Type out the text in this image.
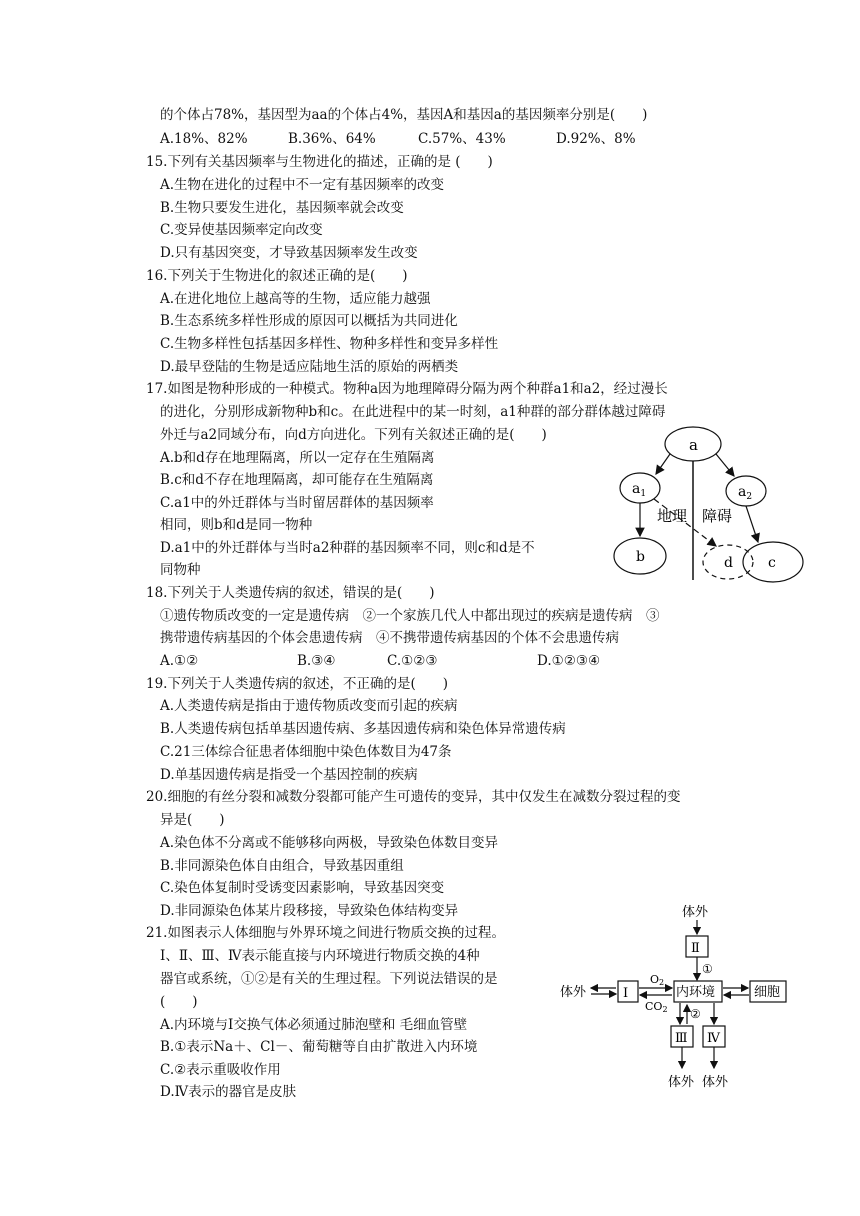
的个体占78%，基因型为aa的个体占4%，基因A和基因a的基因频率分别是(　　)
A.18%、82%	B.36%、64%	C.57%、43%	D.92%、8%
15.下列有关基因频率与生物进化的描述，正确的是 (　　)
A.生物在进化的过程中不一定有基因频率的改变
B.生物只要发生进化，基因频率就会改变
C.变异使基因频率定向改变
D.只有基因突变，才导致基因频率发生改变
16.下列关于生物进化的叙述正确的是(　　)
A.在进化地位上越高等的生物，适应能力越强
B.生态系统多样性形成的原因可以概括为共同进化
C.生物多样性包括基因多样性、物种多样性和变异多样性
D.最早登陆的生物是适应陆地生活的原始的两栖类
17.如图是物种形成的一种模式。物种a因为地理障碍分隔为两个种群a1和a2，经过漫长
的进化，分别形成新物种b和c。在此进程中的某一时刻，a1种群的部分群体越过障碍
外迁与a2同域分布，向d方向进化。下列有关叙述正确的是(　　)
A.b和d存在地理隔离，所以一定存在生殖隔离
B.c和d不存在地理隔离，却可能存在生殖隔离
C.a1中的外迁群体与当时留居群体的基因频率
相同，则b和d是同一物种
D.a1中的外迁群体与当时a2种群的基因频率不同，则c和d是不
同物种
a
$a_1$	$a_2$
地理　障碍
b	c
d
18.下列关于人类遗传病的叙述，错误的是(　　)
①遗传物质改变的一定是遗传病　②一个家族几代人中都出现过的疾病是遗传病　③
携带遗传病基因的个体会患遗传病　④不携带遗传病基因的个体不会患遗传病
A.①②	B.③④	C.①②③	D.①②③④
19.下列关于人类遗传病的叙述，不正确的是(　　)
A.人类遗传病是指由于遗传物质改变而引起的疾病
B.人类遗传病包括单基因遗传病、多基因遗传病和染色体异常遗传病
C.21三体综合征患者体细胞中染色体数目为47条
D.单基因遗传病是指受一个基因控制的疾病
20.细胞的有丝分裂和减数分裂都可能产生可遗传的变异，其中仅发生在减数分裂过程的变
异是(　　)
A.染色体不分离或不能够移向两极，导致染色体数目变异
B.非同源染色体自由组合，导致基因重组
C.染色体复制时受诱变因素影响，导致基因突变
D.非同源染色体某片段移接，导致染色体结构变异
21.如图表示人体细胞与外界环境之间进行物质交换的过程。
Ⅰ、Ⅱ、Ⅲ、Ⅳ表示能直接与内环境进行物质交换的4种
器官或系统，①②是有关的生理过程。下列说法错误的是
(　　)
A.内环境与Ⅰ交换气体必须通过肺泡壁和 毛细血管壁
B.①表示Na＋、Cl－、葡萄糖等自由扩散进入内环境
C.②表示重吸收作用
D.Ⅳ表示的器官是皮肤
体外
Ⅱ
①
体外	Ⅰ
O2
CO2
内环境	细胞
②
Ⅲ
体外
Ⅳ
体外
